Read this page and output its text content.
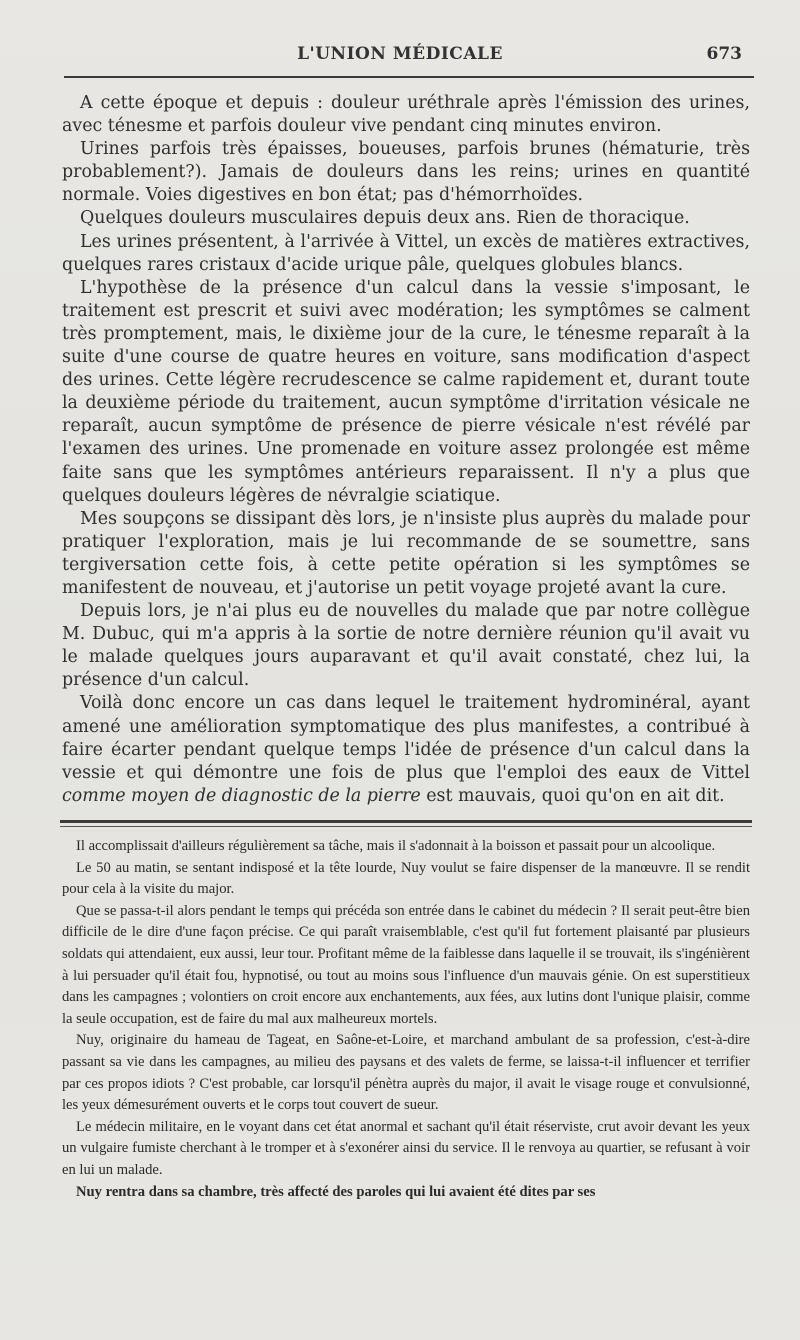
L'UNION MÉDICALE	673

A cette époque et depuis : douleur uréthrale après l'émission des urines, avec ténesme et parfois douleur vive pendant cinq minutes environ.

Urines parfois très épaisses, boueuses, parfois brunes (hématurie, très probablement?). Jamais de douleurs dans les reins; urines en quantité normale. Voies digestives en bon état; pas d'hémorrhoïdes.

Quelques douleurs musculaires depuis deux ans. Rien de thoracique.

Les urines présentent, à l'arrivée à Vittel, un excès de matières extractives, quelques rares cristaux d'acide urique pâle, quelques globules blancs.

L'hypothèse de la présence d'un calcul dans la vessie s'imposant, le traitement est prescrit et suivi avec modération; les symptômes se calment très promptement, mais, le dixième jour de la cure, le ténesme reparaît à la suite d'une course de quatre heures en voiture, sans modification d'aspect des urines. Cette légère recrudescence se calme rapidement et, durant toute la deuxième période du traitement, aucun symptôme d'irritation vésicale ne reparaît, aucun symptôme de présence de pierre vésicale n'est révélé par l'examen des urines. Une promenade en voiture assez prolongée est même faite sans que les symptômes antérieurs reparaissent. Il n'y a plus que quelques douleurs légères de névralgie sciatique.

Mes soupçons se dissipant dès lors, je n'insiste plus auprès du malade pour pratiquer l'exploration, mais je lui recommande de se soumettre, sans tergiversation cette fois, à cette petite opération si les symptômes se manifestent de nouveau, et j'autorise un petit voyage projeté avant la cure.

Depuis lors, je n'ai plus eu de nouvelles du malade que par notre collègue M. Dubuc, qui m'a appris à la sortie de notre dernière réunion qu'il avait vu le malade quelques jours auparavant et qu'il avait constaté, chez lui, la présence d'un calcul.

Voilà donc encore un cas dans lequel le traitement hydrominéral, ayant amené une amélioration symptomatique des plus manifestes, a contribué à faire écarter pendant quelque temps l'idée de présence d'un calcul dans la vessie et qui démontre une fois de plus que l'emploi des eaux de Vittel comme moyen de diagnostic de la pierre est mauvais, quoi qu'on en ait dit.

Il accomplissait d'ailleurs régulièrement sa tâche, mais il s'adonnait à la boisson et passait pour un alcoolique.

Le 50 au matin, se sentant indisposé et la tête lourde, Nuy voulut se faire dispenser de la manœuvre. Il se rendit pour cela à la visite du major.

Que se passa-t-il alors pendant le temps qui précéda son entrée dans le cabinet du médecin ? Il serait peut-être bien difficile de le dire d'une façon précise. Ce qui paraît vraisemblable, c'est qu'il fut fortement plaisanté par plusieurs soldats qui attendaient, eux aussi, leur tour. Profitant même de la faiblesse dans laquelle il se trouvait, ils s'ingénièrent à lui persuader qu'il était fou, hypnotisé, ou tout au moins sous l'influence d'un mauvais génie. On est superstitieux dans les campagnes ; volontiers on croit encore aux enchantements, aux fées, aux lutins dont l'unique plaisir, comme la seule occupation, est de faire du mal aux malheureux mortels.

Nuy, originaire du hameau de Tageat, en Saône-et-Loire, et marchand ambulant de sa profession, c'est-à-dire passant sa vie dans les campagnes, au milieu des paysans et des valets de ferme, se laissa-t-il influencer et terrifier par ces propos idiots ? C'est probable, car lorsqu'il pénètra auprès du major, il avait le visage rouge et convulsionné, les yeux démesurément ouverts et le corps tout couvert de sueur.

Le médecin militaire, en le voyant dans cet état anormal et sachant qu'il était réserviste, crut avoir devant les yeux un vulgaire fumiste cherchant à le tromper et à s'exonérer ainsi du service. Il le renvoya au quartier, se refusant à voir en lui un malade.

Nuy rentra dans sa chambre, très affecté des paroles qui lui avaient été dites par ses
